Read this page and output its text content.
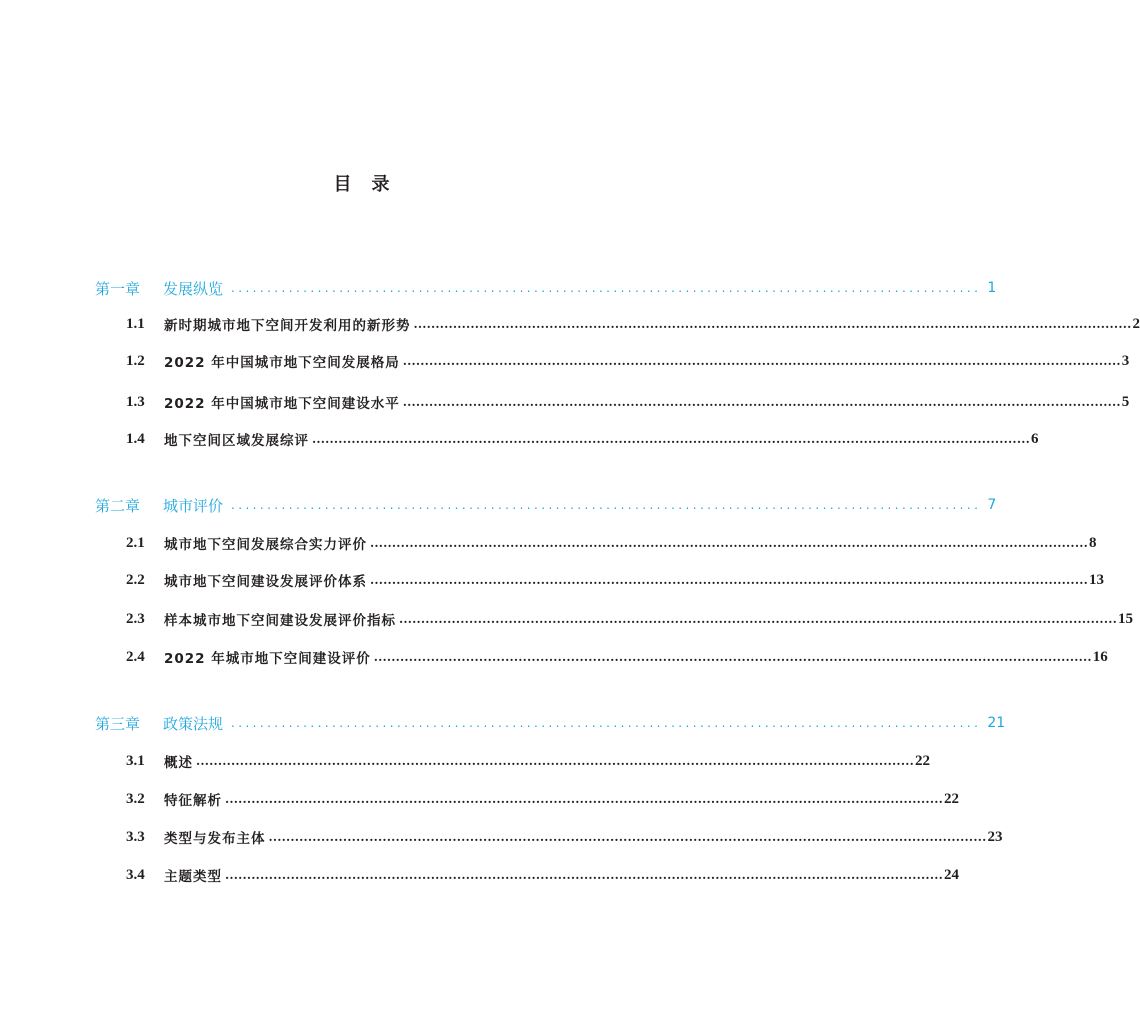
目　录
第一章	发展纵览 ........................................................................................................ 1
1.1	新时期城市地下空间开发利用的新形势 .................................................................................................................................................................... 2
1.2	2022 年中国城市地下空间发展格局 .................................................................................................................................................................... 3
1.3	2022 年中国城市地下空间建设水平 .................................................................................................................................................................... 5
1.4	地下空间区域发展综评 .................................................................................................................................................................... 6
第二章	城市评价 ........................................................................................................ 7
2.1	城市地下空间发展综合实力评价 .................................................................................................................................................................... 8
2.2	城市地下空间建设发展评价体系 .................................................................................................................................................................... 13
2.3	样本城市地下空间建设发展评价指标 .................................................................................................................................................................... 15
2.4	2022 年城市地下空间建设评价 .................................................................................................................................................................... 16
第三章	政策法规 ........................................................................................................ 21
3.1	概述 .................................................................................................................................................................... 22
3.2	特征解析 .................................................................................................................................................................... 22
3.3	类型与发布主体 .................................................................................................................................................................... 23
3.4	主题类型 .................................................................................................................................................................... 24
